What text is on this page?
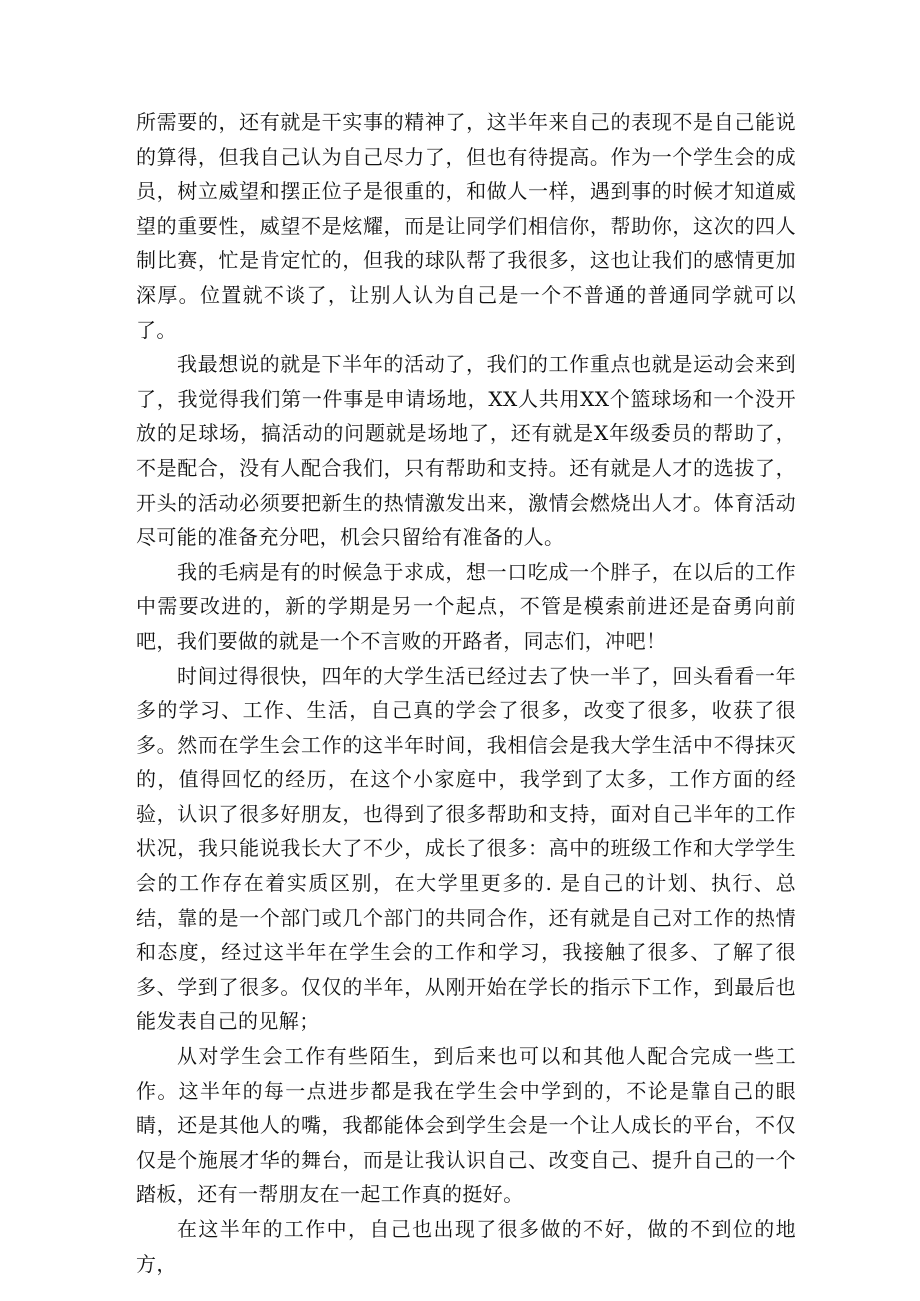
所需要的，还有就是干实事的精神了，这半年来自己的表现不是自己能说的算得，但我自己认为自己尽力了，但也有待提高。作为一个学生会的成员，树立威望和摆正位子是很重的，和做人一样，遇到事的时候才知道威望的重要性，威望不是炫耀，而是让同学们相信你，帮助你，这次的四人制比赛，忙是肯定忙的，但我的球队帮了我很多，这也让我们的感情更加深厚。位置就不谈了，让别人认为自己是一个不普通的普通同学就可以了。

我最想说的就是下半年的活动了，我们的工作重点也就是运动会来到了，我觉得我们第一件事是申请场地，XX人共用XX个篮球场和一个没开放的足球场，搞活动的问题就是场地了，还有就是X年级委员的帮助了，不是配合，没有人配合我们，只有帮助和支持。还有就是人才的选拔了，开头的活动必须要把新生的热情激发出来，激情会燃烧出人才。体育活动尽可能的准备充分吧，机会只留给有准备的人。

我的毛病是有的时候急于求成，想一口吃成一个胖子，在以后的工作中需要改进的，新的学期是另一个起点，不管是模索前进还是奋勇向前吧，我们要做的就是一个不言败的开路者，同志们，冲吧！

时间过得很快，四年的大学生活已经过去了快一半了，回头看看一年多的学习、工作、生活，自己真的学会了很多，改变了很多，收获了很多。然而在学生会工作的这半年时间，我相信会是我大学生活中不得抹灭的，值得回忆的经历，在这个小家庭中，我学到了太多，工作方面的经验，认识了很多好朋友，也得到了很多帮助和支持，面对自己半年的工作状况，我只能说我长大了不少，成长了很多：高中的班级工作和大学学生会的工作存在着实质区别，在大学里更多的. 是自己的计划、执行、总结，靠的是一个部门或几个部门的共同合作，还有就是自己对工作的热情和态度，经过这半年在学生会的工作和学习，我接触了很多、了解了很多、学到了很多。仅仅的半年，从刚开始在学长的指示下工作，到最后也能发表自己的见解；

从对学生会工作有些陌生，到后来也可以和其他人配合完成一些工作。这半年的每一点进步都是我在学生会中学到的，不论是靠自己的眼睛，还是其他人的嘴，我都能体会到学生会是一个让人成长的平台，不仅仅是个施展才华的舞台，而是让我认识自己、改变自己、提升自己的一个踏板，还有一帮朋友在一起工作真的挺好。

在这半年的工作中，自己也出现了很多做的不好，做的不到位的地方，
